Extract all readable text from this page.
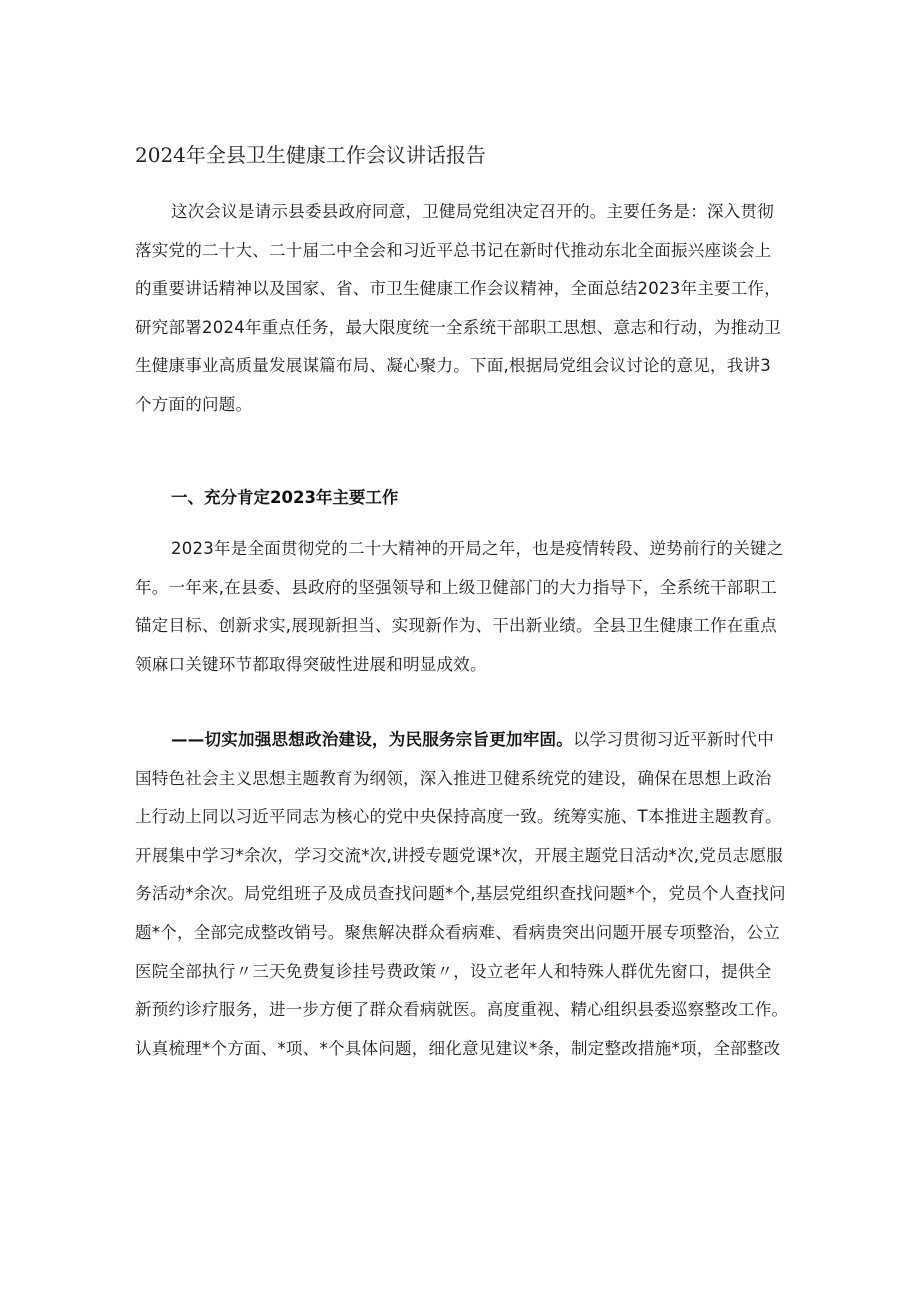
2024年全县卫生健康工作会议讲话报告
这次会议是请示县委县政府同意，卫健局党组决定召开的。主要任务是：深入贯彻
落实党的二十大、二十届二中全会和习近平总书记在新时代推动东北全面振兴座谈会上
的重要讲话精神以及国家、省、市卫生健康工作会议精神，全面总结2023年主要工作，
研究部署2024年重点任务，最大限度统一全系统干部职工思想、意志和行动，为推动卫
生健康事业高质量发展谋篇布局、凝心聚力。下面,根据局党组会议讨论的意见，我讲3
个方面的问题。
一、充分肯定2023年主要工作
2023年是全面贯彻党的二十大精神的开局之年，也是疫情转段、逆势前行的关键之
年。一年来,在县委、县政府的坚强领导和上级卫健部门的大力指导下，全系统干部职工
锚定目标、创新求实,展现新担当、实现新作为、干出新业绩。全县卫生健康工作在重点
领麻口关键环节都取得突破性进展和明显成效。
——切实加强思想政治建设，为民服务宗旨更加牢固。以学习贯彻习近平新时代中
国特色社会主义思想主题教育为纲领，深入推进卫健系统党的建设，确保在思想上政治
上行动上同以习近平同志为核心的党中央保持高度一致。统筹实施、T本推进主题教育。
开展集中学习*余次，学习交流*次,讲授专题党课*次，开展主题党日活动*次,党员志愿服
务活动*余次。局党组班子及成员查找问题*个,基层党组织查找问题*个，党员个人查找问
题*个，全部完成整改销号。聚焦解决群众看病难、看病贵突出问题开展专项整治，公立
医院全部执行〃三天免费复诊挂号费政策〃，设立老年人和特殊人群优先窗口，提供全
新预约诊疗服务，进一步方便了群众看病就医。高度重视、精心组织县委巡察整改工作。
认真梳理*个方面、*项、*个具体问题，细化意见建议*条，制定整改措施*项，全部整改
